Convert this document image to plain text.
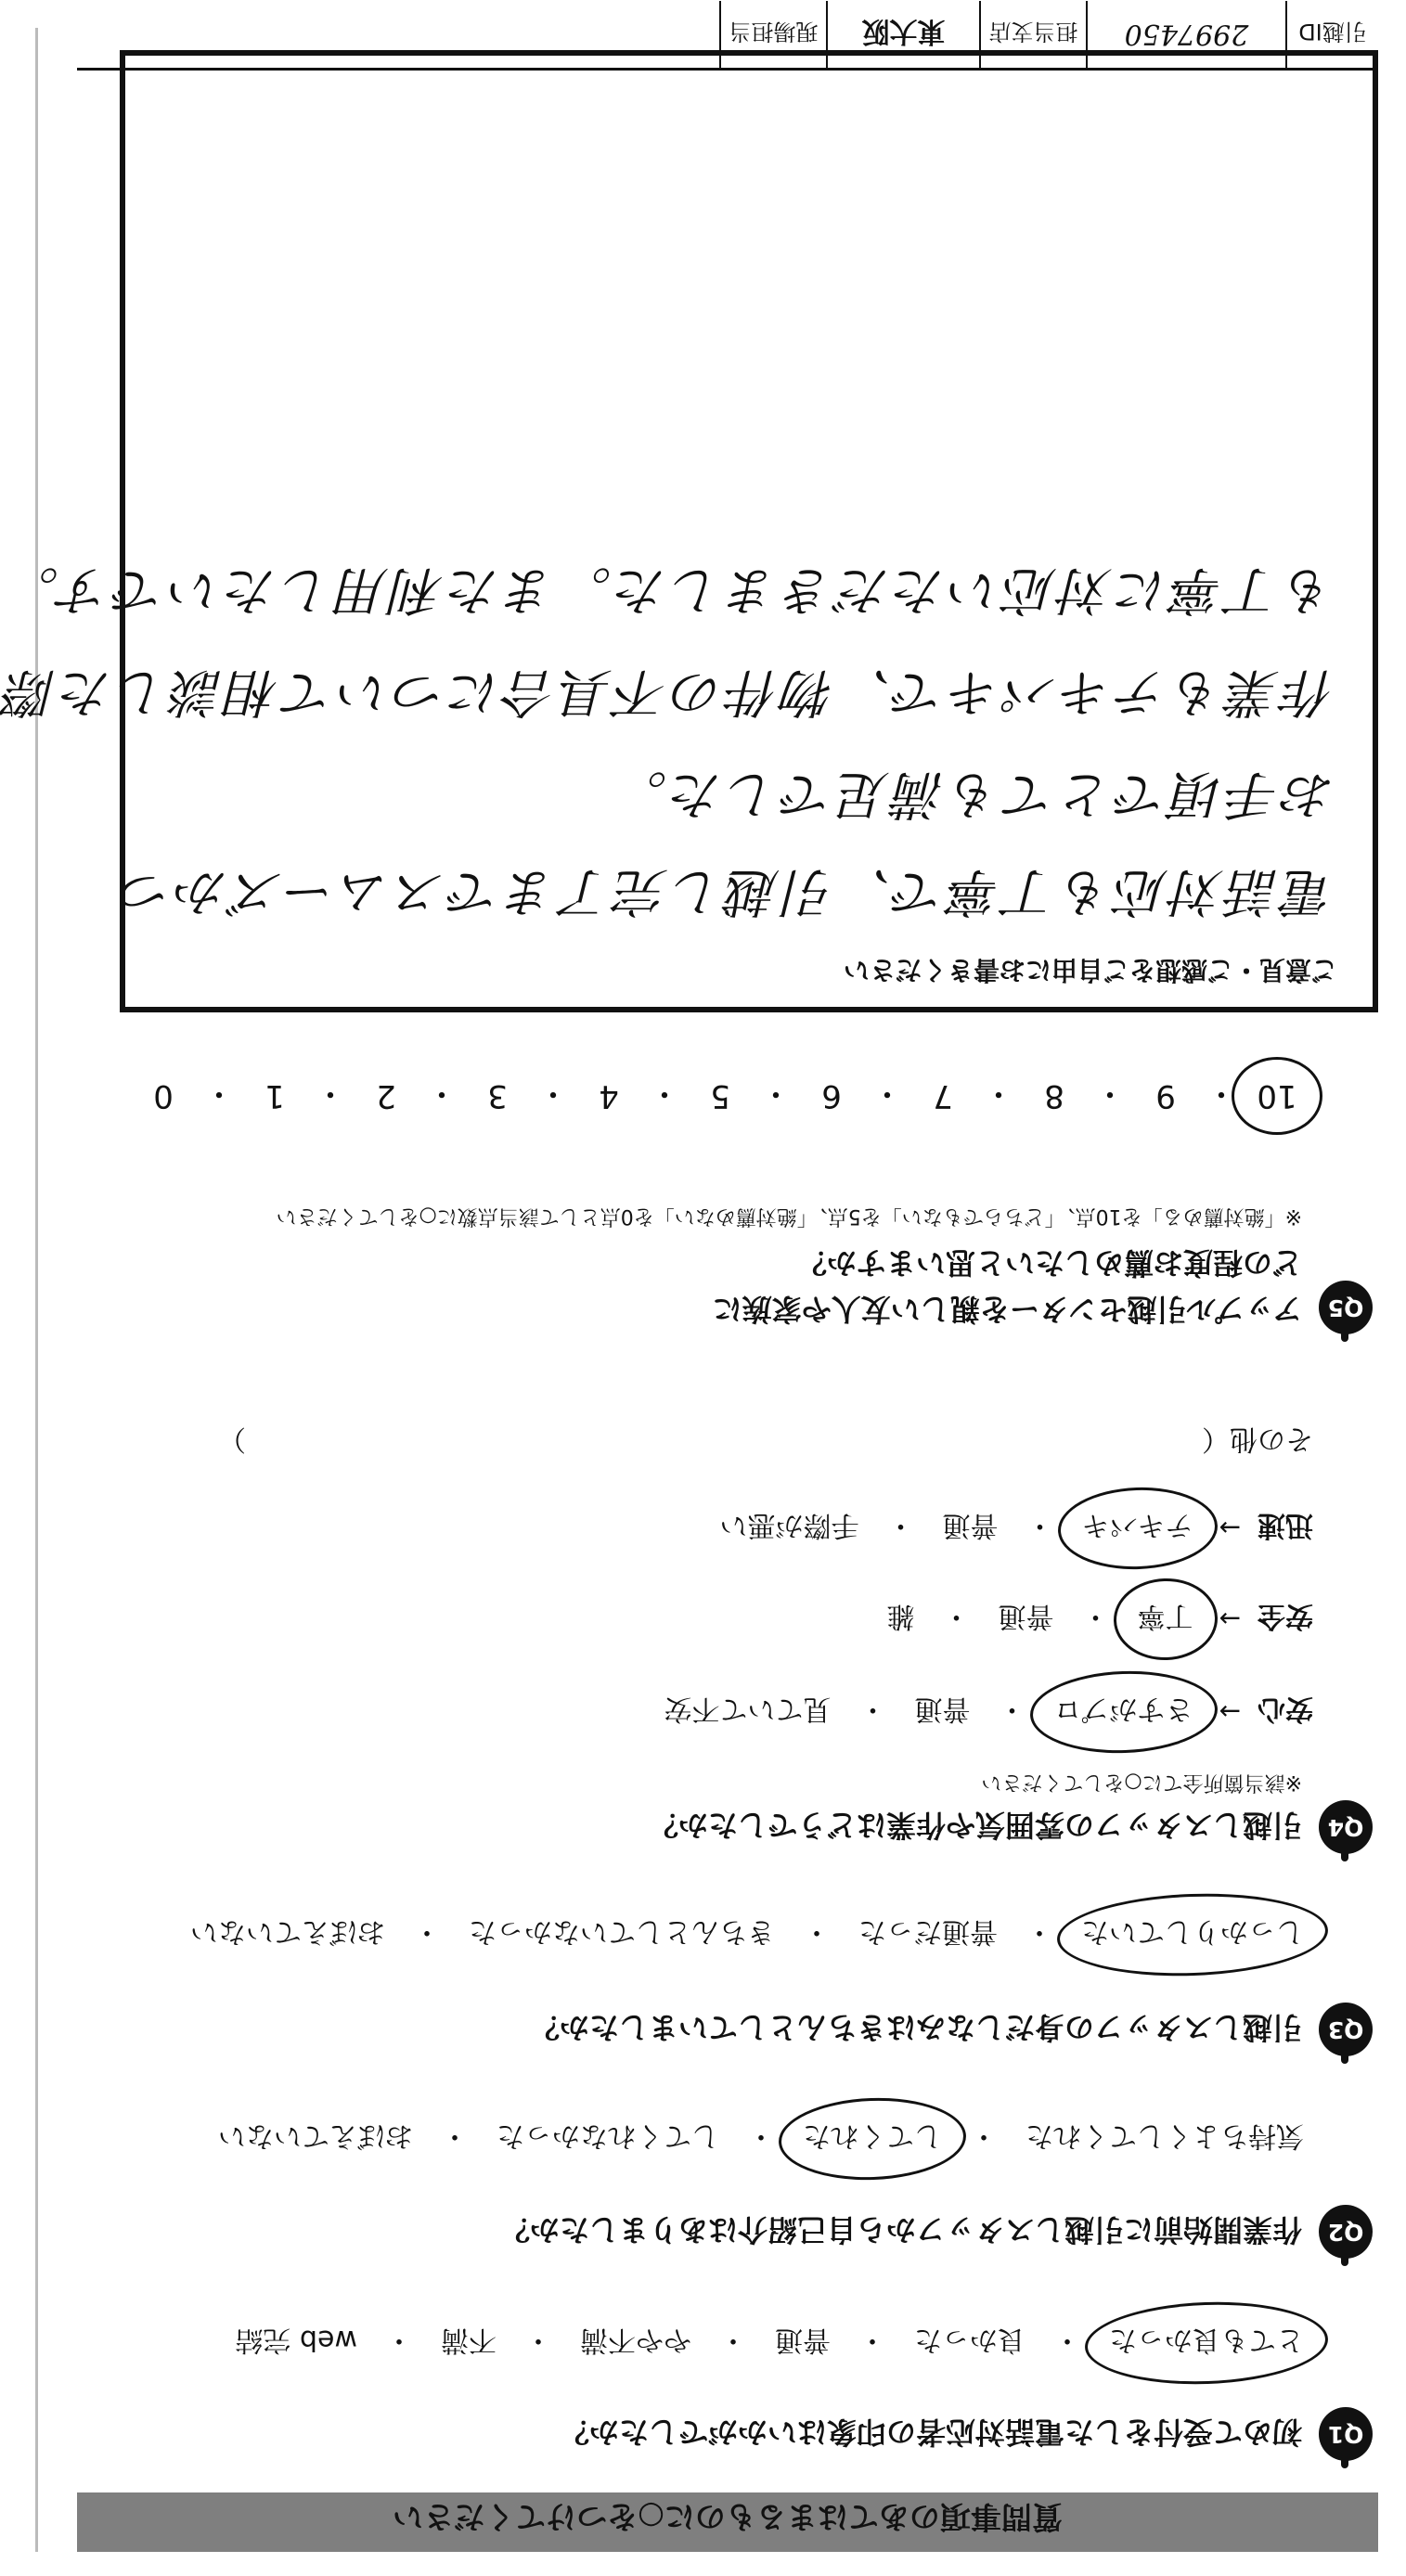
質問事項のあてはまるものに○をつけてください
Q1
初めて受付をした電話対応者の印象はいかがでしたか？
とても良かった
・
良かった
・
普通
・
やや不満
・
不満
・
web 完結
Q2
作業開始前に引越しスタッフから自己紹介はありましたか？
気持ちよくしてくれた
・
してくれた
・
してくれなかった
・
おぼえていない
Q3
引越しスタッフの身だしなみはきちんとしていましたか？
しっかりしていた
・
普通だった
・
きちんとしていなかった
・
おぼえていない
Q4
引越しスタッフの雰囲気や作業はどうでしたか？
※該当箇所全てに○をしてください
安心
→
さすがプロ
・
普通
・
見ていて不安
安全
→
丁寧
・
普通
・
雑
迅速
→
テキパキ
・
普通
・
手際が悪い
その他（
）
Q5
アップル引越センターを親しい友人や家族に
どの程度お薦めしたいと思いますか？
※「絶対薦める」を10点、「どちらでもない」を5点、「絶対薦めない」を0点として該当点数に○をしてください
10
・
9
・
8
・
7
・
6
・
5
・
4
・
3
・
2
・
1
・
0
ご意見・ご感想をご自由にお書きください
電話対応も丁寧で、引越し完了までスムーズかつ
お手頃でとても満足でした。
作業もテキパキで、物件の不具合について相談した際
も丁寧に対応いただきました。また利用したいです。
引越ID
2997450
担当支店
東大阪
現場担当
